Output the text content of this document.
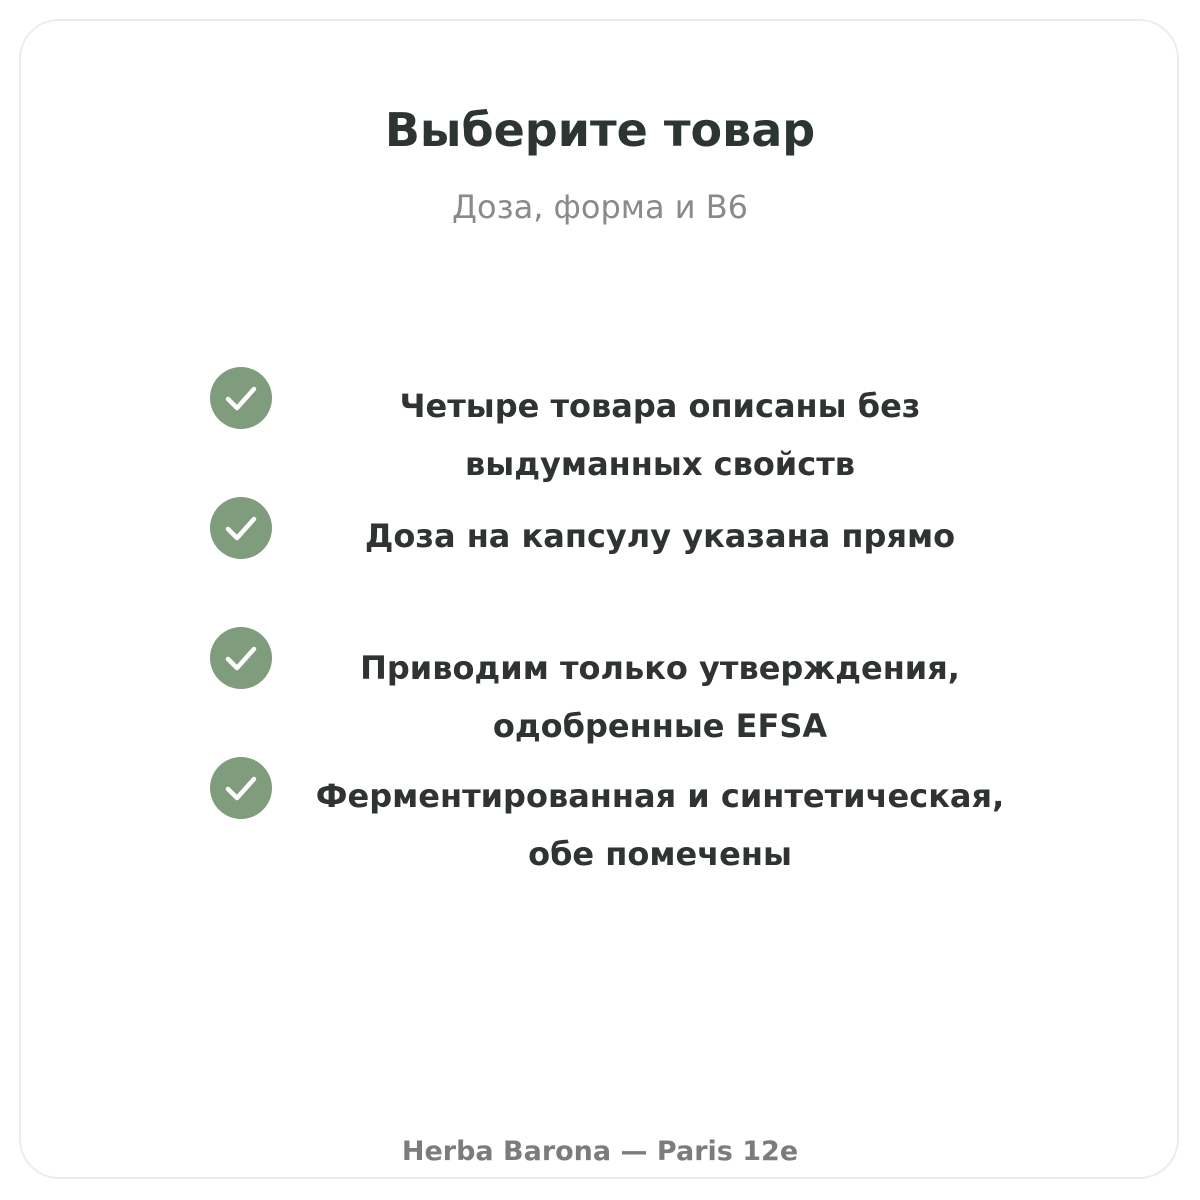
Выберите товар
Доза, форма и B6
Четыре товара описаны без выдуманных свойств
Доза на капсулу указана прямо
Приводим только утверждения, одобренные EFSA
Ферментированная и синтетическая, обе помечены
Herba Barona — Paris 12e
